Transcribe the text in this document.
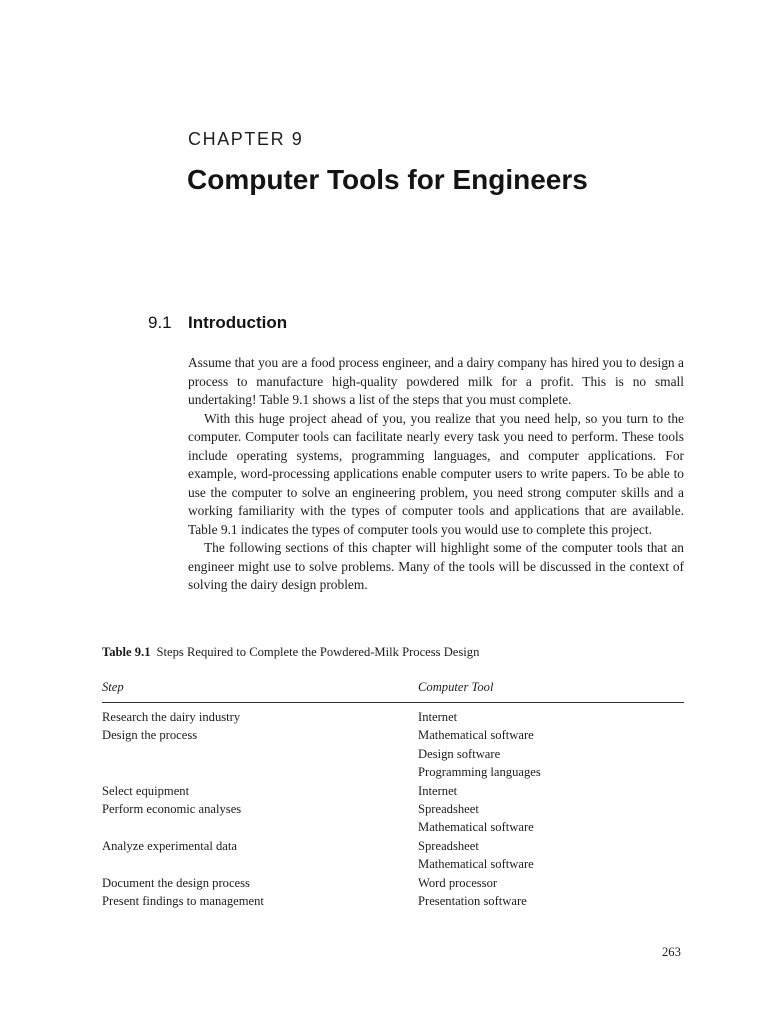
CHAPTER 9

Computer Tools for Engineers
9.1 Introduction

Assume that you are a food process engineer, and a dairy company has hired you to design a process to manufacture high-quality powdered milk for a profit. This is no small undertaking! Table 9.1 shows a list of the steps that you must complete.

With this huge project ahead of you, you realize that you need help, so you turn to the computer. Computer tools can facilitate nearly every task you need to perform. These tools include operating systems, programming languages, and computer applications. For example, word-processing applications enable computer users to write papers. To be able to use the computer to solve an engineering problem, you need strong computer skills and a working familiarity with the types of computer tools and applications that are available. Table 9.1 indicates the types of computer tools you would use to complete this project.

The following sections of this chapter will highlight some of the computer tools that an engineer might use to solve problems. Many of the tools will be discussed in the context of solving the dairy design problem.

Table 9.1 Steps Required to Complete the Powdered-Milk Process Design

Step	Computer Tool
Research the dairy industry	Internet

Design the process	Mathematical software
Design software
Programming languages

Select equipment	Internet

Perform economic analyses	Spreadsheet
Mathematical software

Analyze experimental data	Spreadsheet
Mathematical software

Document the design process	Word processor

Present findings to management	Presentation software

263
